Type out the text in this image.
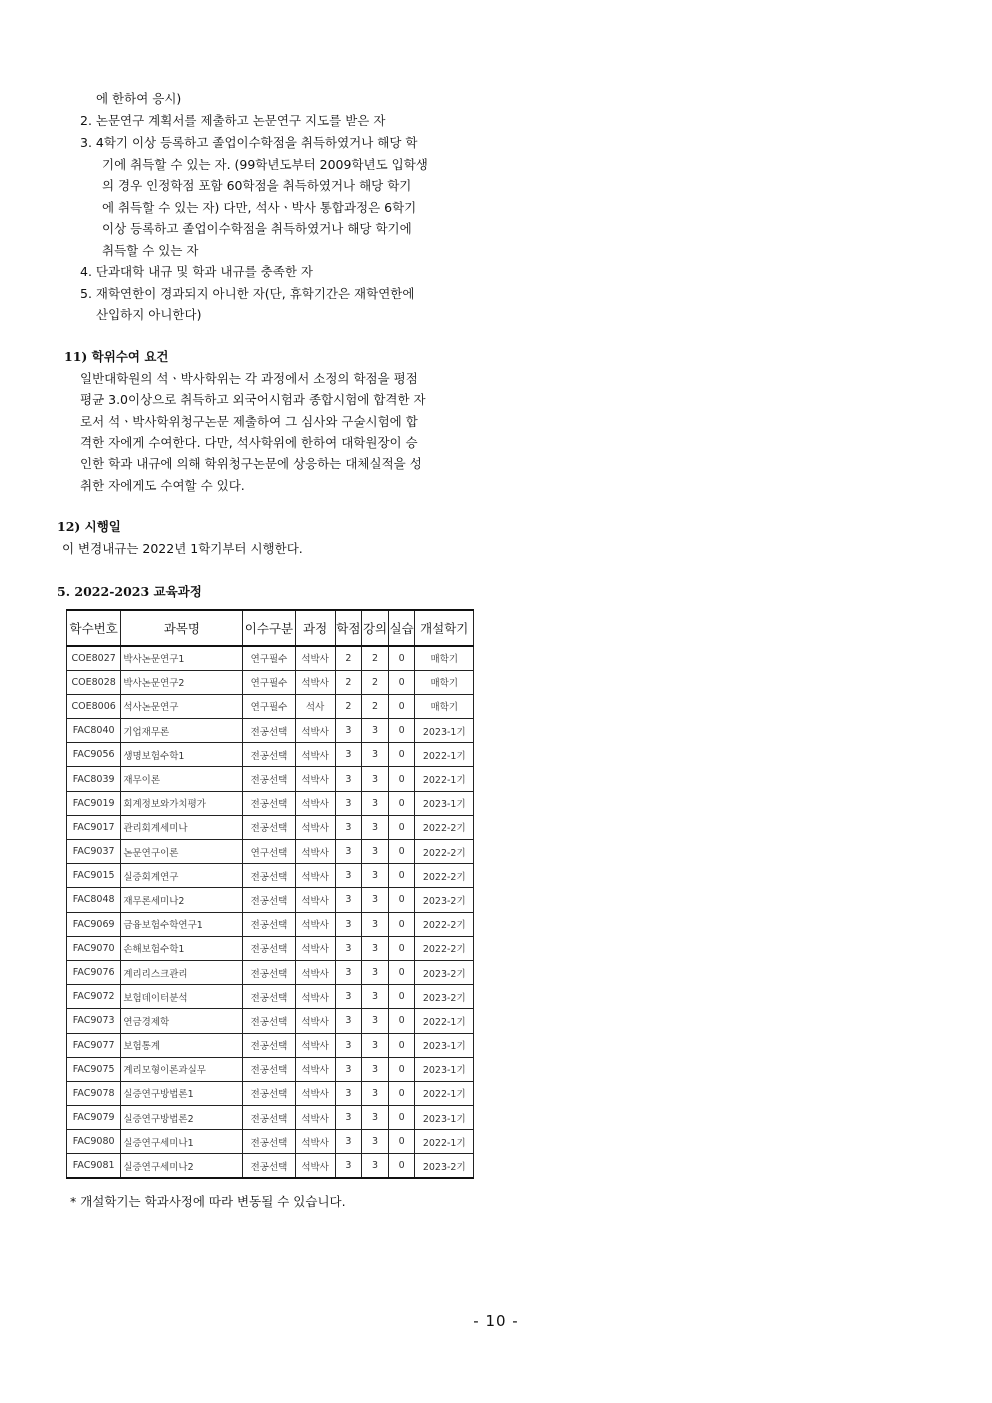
에 한하여 응시)
2. 논문연구 계획서를 제출하고 논문연구 지도를 받은 자
3. 4학기 이상 등록하고 졸업이수학점을 취득하였거나 해당 학
기에 취득할 수 있는 자. (99학년도부터 2009학년도 입학생
의 경우 인정학점 포함 60학점을 취득하였거나 해당 학기
에 취득할 수 있는 자) 다만, 석사ㆍ박사 통합과정은 6학기
이상 등록하고 졸업이수학점을 취득하였거나 해당 학기에
취득할 수 있는 자
4. 단과대학 내규 및 학과 내규를 충족한 자
5. 재학연한이 경과되지 아니한 자(단, 휴학기간은 재학연한에
산입하지 아니한다)
11) 학위수여 요건
일반대학원의 석ㆍ박사학위는 각 과정에서 소정의 학점을 평점
평균 3.0이상으로 취득하고 외국어시험과 종합시험에 합격한 자
로서 석ㆍ박사학위청구논문 제출하여 그 심사와 구술시험에 합
격한 자에게 수여한다. 다만, 석사학위에 한하여 대학원장이 승
인한 학과 내규에 의해 학위청구논문에 상응하는 대체실적을 성
취한 자에게도 수여할 수 있다.
12) 시행일
이 변경내규는 2022년 1학기부터 시행한다.
5. 2022-2023 교육과정
학수번호	과목명	이수구분	과정	학점	강의	실습	개설학기
COE8027	박사논문연구1	연구필수	석박사	2	2	0	매학기
COE8028	박사논문연구2	연구필수	석박사	2	2	0	매학기
COE8006	석사논문연구	연구필수	석사	2	2	0	매학기
FAC8040	기업재무론	전공선택	석박사	3	3	0	2023-1기
FAC9056	생명보험수학1	전공선택	석박사	3	3	0	2022-1기
FAC8039	재무이론	전공선택	석박사	3	3	0	2022-1기
FAC9019	회계정보와가치평가	전공선택	석박사	3	3	0	2023-1기
FAC9017	관리회계세미나	전공선택	석박사	3	3	0	2022-2기
FAC9037	논문연구이론	연구선택	석박사	3	3	0	2022-2기
FAC9015	실증회계연구	전공선택	석박사	3	3	0	2022-2기
FAC8048	재무론세미나2	전공선택	석박사	3	3	0	2023-2기
FAC9069	금융보험수학연구1	전공선택	석박사	3	3	0	2022-2기
FAC9070	손해보험수학1	전공선택	석박사	3	3	0	2022-2기
FAC9076	계리리스크관리	전공선택	석박사	3	3	0	2023-2기
FAC9072	보험데이터분석	전공선택	석박사	3	3	0	2023-2기
FAC9073	연금경제학	전공선택	석박사	3	3	0	2022-1기
FAC9077	보험통계	전공선택	석박사	3	3	0	2023-1기
FAC9075	계리모형이론과실무	전공선택	석박사	3	3	0	2023-1기
FAC9078	실증연구방법론1	전공선택	석박사	3	3	0	2022-1기
FAC9079	실증연구방법론2	전공선택	석박사	3	3	0	2023-1기
FAC9080	실증연구세미나1	전공선택	석박사	3	3	0	2022-1기
FAC9081	실증연구세미나2	전공선택	석박사	3	3	0	2023-2기
* 개설학기는 학과사정에 따라 변동될 수 있습니다.
- 10 -
